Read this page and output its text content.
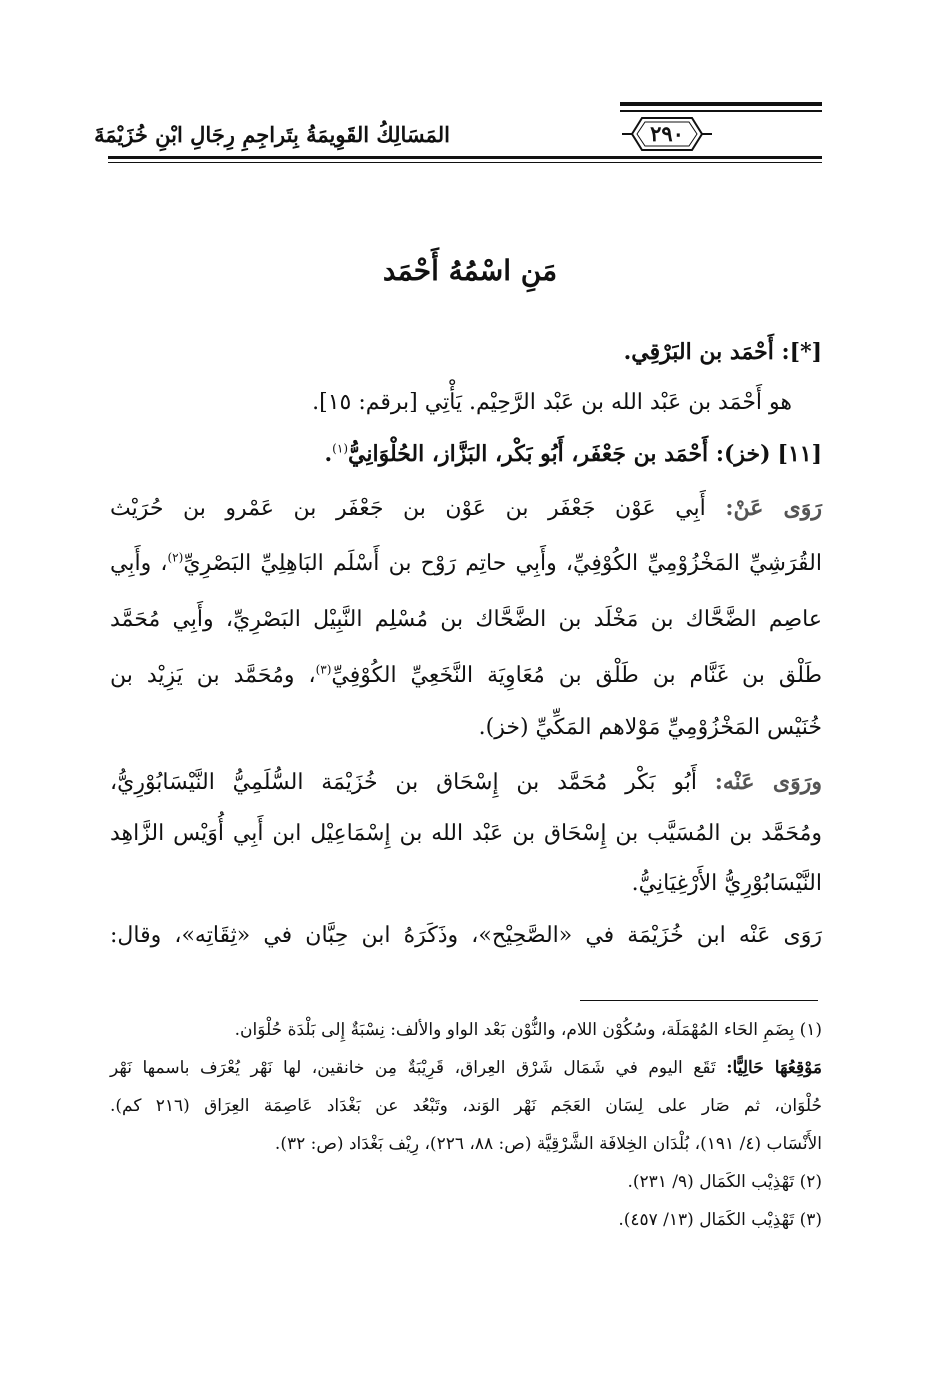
٢٩٠
المَسَالِكُ القَوِيمَةُ بِتَراجِمِ رِجَالِ ابْنِ خُزَيْمَةَ
مَنِ اسْمُهُ أَحْمَد
[*]: أَحْمَد بن البَرْقِي.
هو أَحْمَد بن عَبْد الله بن عَبْد الرَّحِيْم. يَأْتِي [برقم: ١٥].
[١١] (خز): أَحْمَد بن جَعْفَر، أَبُو بَكْر، البَزَّاز، الحُلْوَانِيُّ$^{(١)}$.
رَوَى عَنْ: أَبِي عَوْن جَعْفَر بن عَوْن بن جَعْفَر بن عَمْرو بن حُرَيْث
القُرَشِيِّ المَخْزُوْمِيِّ الكُوْفِيِّ، وأَبِي حاتِم رَوْح بن أَسْلَم البَاهِلِيِّ البَصْرِيِّ$^{(٢)}$، وأَبِي
عاصِم الضَّحَّاك بن مَخْلَد بن الضَّحَّاك بن مُسْلِم النَّبِيْل البَصْرِيِّ، وأَبِي مُحَمَّد
طَلْق بن غَنَّام بن طَلْق بن مُعَاوِيَة النَّخَعِيِّ الكُوْفِيِّ$^{(٣)}$، ومُحَمَّد بن يَزِيْد بن
خُنَيْس المَخْزُوْمِيِّ مَوْلاهم المَكِّيِّ (خز).
ورَوَى عَنْه: أَبُو بَكْر مُحَمَّد بن إِسْحَاق بن خُزَيْمَة السُّلَمِيُّ النَّيْسَابُوْرِيُّ،
ومُحَمَّد بن المُسَيَّب بن إِسْحَاق بن عَبْد الله بن إِسْمَاعِيْل ابن أَبِي أُوَيْس الزَّاهِد
النَّيْسَابُوْرِيُّ الأَرْغِيَانِيُّ.
رَوَى عَنْه ابن خُزَيْمَة في «الصَّحِيْح»، وذَكَرَهُ ابن حِبَّان في «ثِقَاتِه»، وقال:
(١) بِضَمِ الحَاء المُهْمَلَة، وسُكُوْن اللام، والنُّوْن بَعْد الواو والألف: نِسْبَةٌ إِلى بَلْدَة حُلْوَان.
مَوْقِعُهَا حَالِيًّا: تَقَع اليوم في شَمَال شَرْق العِراق، قَرِيْبَةٌ مِن خانقين، لها نَهْر يُعْرَف باسمها نَهْر
حُلْوَان، ثم صَار على لِسَان العَجَم نَهْر الوَند، وتَبْعُد عن بَغْدَاد عَاصِمَة العِرَاق (٢١٦ كم).
الأَنْسَاب (٤/ ١٩١)، بُلْدَان الخِلافَة الشَّرْقِيَّة (ص: ٨٨، ٢٢٦)، رِيْف بَغْدَاد (ص: ٣٢).
(٢) تَهْذِيْب الكَمَال (٩/ ٢٣١).
(٣) تَهْذِيْب الكَمَال (١٣/ ٤٥٧).
